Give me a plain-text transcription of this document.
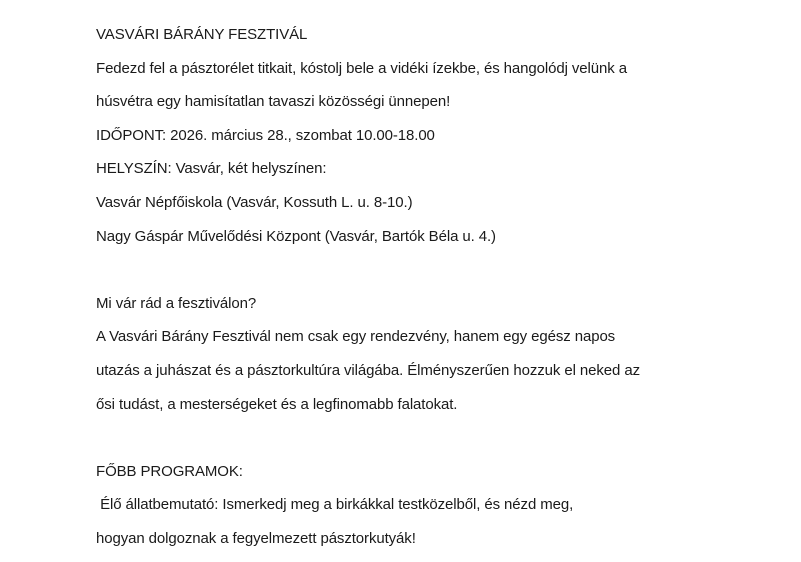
VASVÁRI BÁRÁNY FESZTIVÁL
Fedezd fel a pásztorélet titkait, kóstolj bele a vidéki ízekbe, és hangolódj velünk a
húsvétra egy hamisítatlan tavaszi közösségi ünnepen!
IDŐPONT: 2026. március 28., szombat 10.00-18.00
HELYSZÍN: Vasvár, két helyszínen:
Vasvár Népfőiskola (Vasvár, Kossuth L. u. 8-10.)
Nagy Gáspár Művelődési Központ (Vasvár, Bartók Béla u. 4.)
Mi vár rád a fesztiválon?
A Vasvári Bárány Fesztivál nem csak egy rendezvény, hanem egy egész napos
utazás a juhászat és a pásztorkultúra világába. Élményszerűen hozzuk el neked az
ősi tudást, a mesterségeket és a legfinomabb falatokat.
FŐBB PROGRAMOK:
Élő állatbemutató: Ismerkedj meg a birkákkal testközelből, és nézd meg,
hogyan dolgoznak a fegyelmezett pásztorkutyák!
